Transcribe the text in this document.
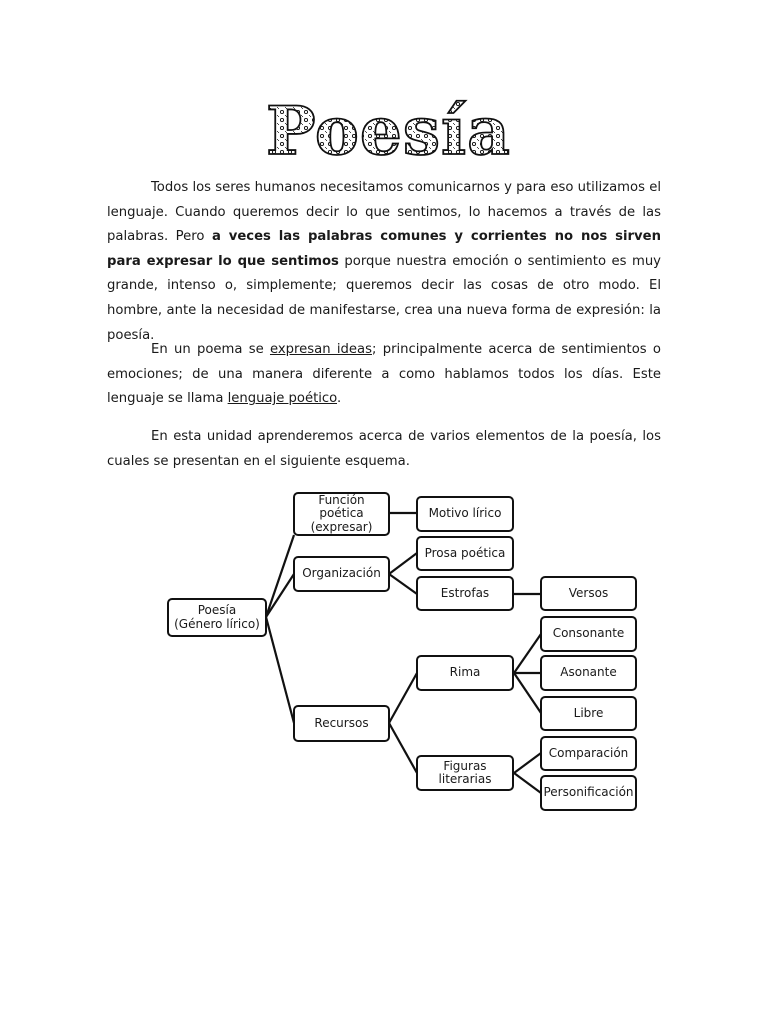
Poesía

Todos los seres humanos necesitamos comunicarnos y para eso utilizamos el lenguaje. Cuando queremos decir lo que sentimos, lo hacemos a través de las palabras. Pero a veces las palabras comunes y corrientes no nos sirven para expresar lo que sentimos porque nuestra emoción o sentimiento es muy grande, intenso o, simplemente; queremos decir las cosas de otro modo. El hombre, ante la necesidad de manifestarse, crea una nueva forma de expresión: la poesía.

En un poema se expresan ideas; principalmente acerca de sentimientos o emociones; de una manera diferente a como hablamos todos los días. Este lenguaje se llama lenguaje poético.

En esta unidad aprenderemos acerca de varios elementos de la poesía, los cuales se presentan en el siguiente esquema.

Poesía
(Género lírico)
Función poética
(expresar)
Organización
Recursos
Motivo lírico
Prosa poética
Estrofas	Versos
Rima
Consonante
Asonante
Libre
Figuras
literarias
Comparación
Personificación
